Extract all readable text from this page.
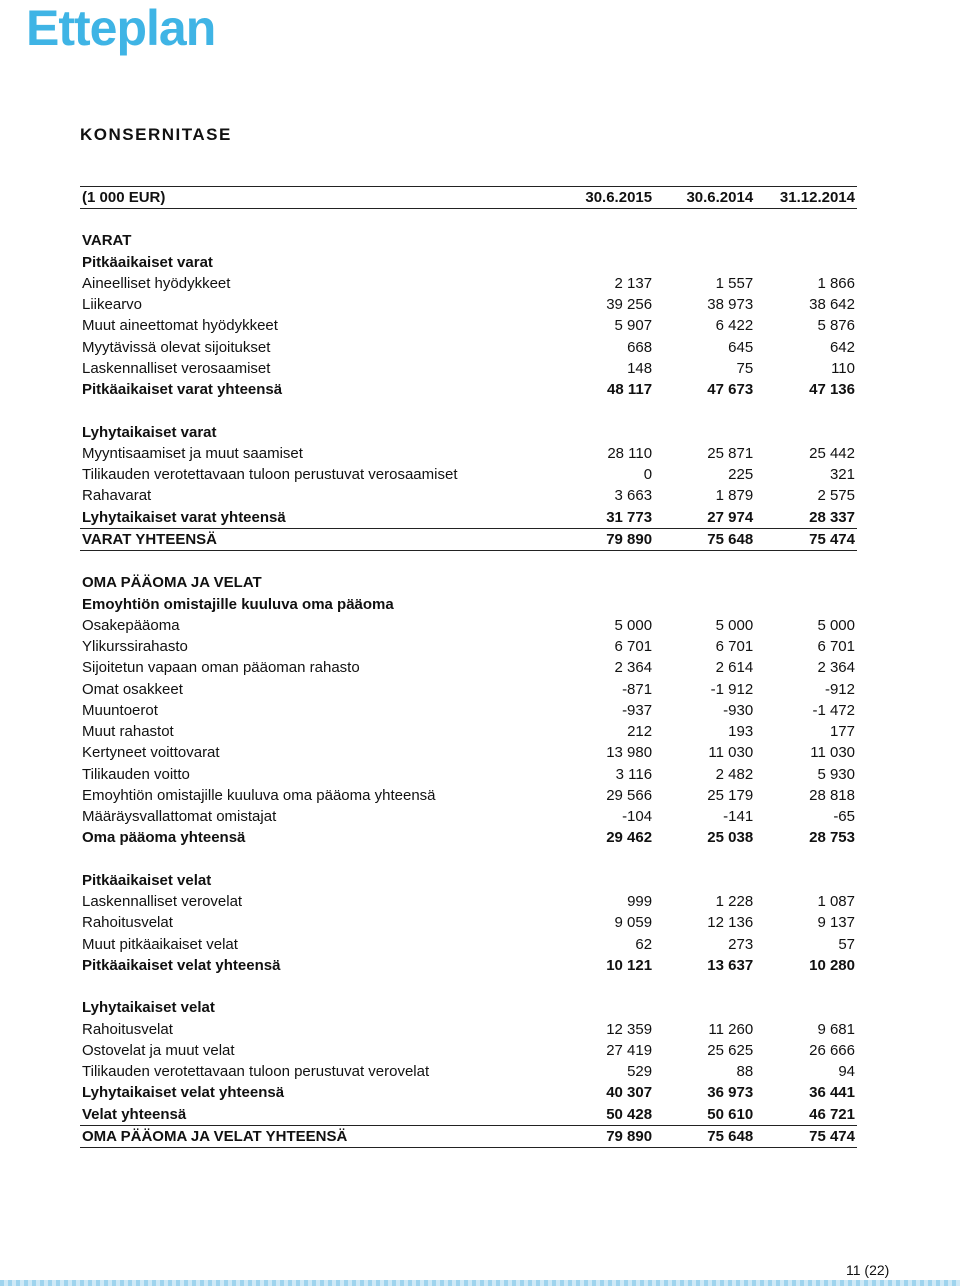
Etteplan
KONSERNITASE
(1 000 EUR)	30.6.2015	30.6.2014	31.12.2014

VARAT			
Pitkäaikaiset varat			
Aineelliset hyödykkeet	2 137	1 557	1 866
Liikearvo	39 256	38 973	38 642
Muut aineettomat hyödykkeet	5 907	6 422	5 876
Myytävissä olevat sijoitukset	668	645	642
Laskennalliset verosaamiset	148	75	110
Pitkäaikaiset varat yhteensä	48 117	47 673	47 136

Lyhytaikaiset varat			
Myyntisaamiset ja muut saamiset	28 110	25 871	25 442
Tilikauden verotettavaan tuloon perustuvat verosaamiset	0	225	321
Rahavarat	3 663	1 879	2 575
Lyhytaikaiset varat yhteensä	31 773	27 974	28 337
VARAT YHTEENSÄ	79 890	75 648	75 474

OMA PÄÄOMA JA VELAT			
Emoyhtiön omistajille kuuluva oma pääoma			
Osakepääoma	5 000	5 000	5 000
Ylikurssirahasto	6 701	6 701	6 701
Sijoitetun vapaan oman pääoman rahasto	2 364	2 614	2 364
Omat osakkeet	-871	-1 912	-912
Muuntoerot	-937	-930	-1 472
Muut rahastot	212	193	177
Kertyneet voittovarat	13 980	11 030	11 030
Tilikauden voitto	3 116	2 482	5 930
Emoyhtiön omistajille kuuluva oma pääoma yhteensä	29 566	25 179	28 818
Määräysvallattomat omistajat	-104	-141	-65
Oma pääoma yhteensä	29 462	25 038	28 753

Pitkäaikaiset velat			
Laskennalliset verovelat	999	1 228	1 087
Rahoitusvelat	9 059	12 136	9 137
Muut pitkäaikaiset velat	62	273	57
Pitkäaikaiset velat yhteensä	10 121	13 637	10 280

Lyhytaikaiset velat			
Rahoitusvelat	12 359	11 260	9 681
Ostovelat ja muut velat	27 419	25 625	26 666
Tilikauden verotettavaan tuloon perustuvat verovelat	529	88	94
Lyhytaikaiset velat yhteensä	40 307	36 973	36 441
Velat yhteensä	50 428	50 610	46 721
OMA PÄÄOMA JA VELAT YHTEENSÄ	79 890	75 648	75 474
11 (22)
